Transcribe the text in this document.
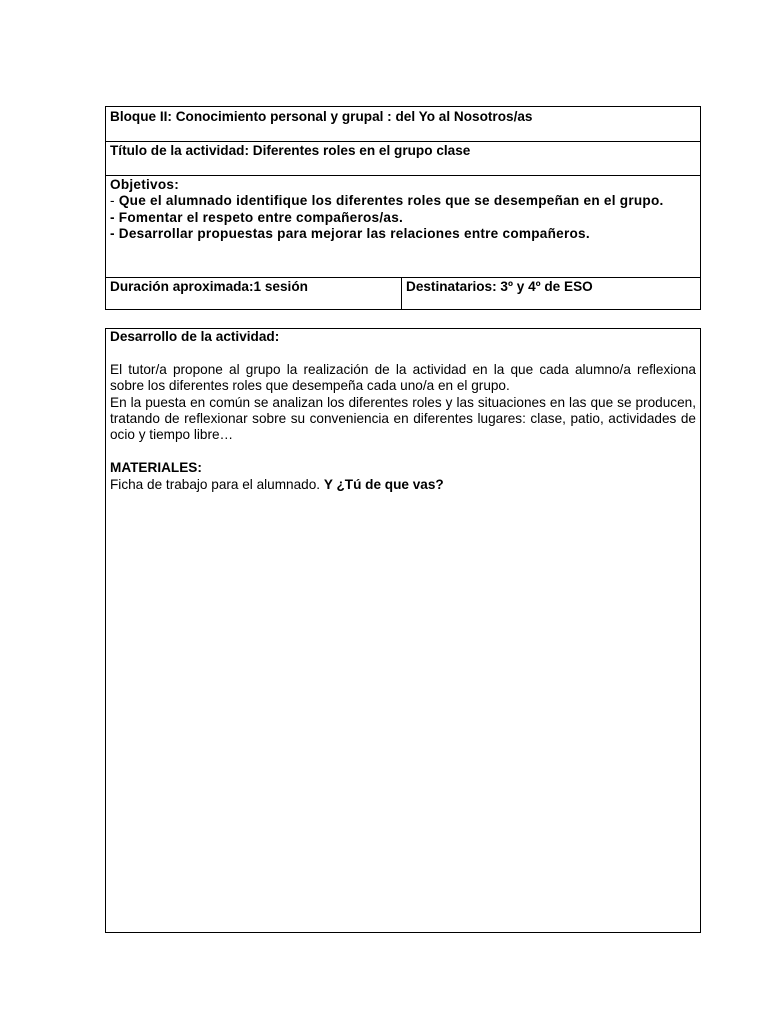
Bloque II: Conocimiento personal y grupal : del Yo al Nosotros/as
Título de la actividad: Diferentes roles en el grupo clase
Objetivos:
- Que el alumnado identifique los diferentes roles que se desempeñan en el grupo.
- Fomentar el respeto entre compañeros/as.
- Desarrollar propuestas para mejorar las relaciones entre compañeros.
Duración aproximada:1 sesión	Destinatarios: 3º y 4º de ESO
Desarrollo de la actividad:
El tutor/a propone al grupo la realización de la actividad en la que cada alumno/a reflexiona sobre los diferentes roles que desempeña cada uno/a en el grupo.
En la puesta en común se analizan los diferentes roles y las situaciones en las que se producen, tratando de reflexionar sobre su conveniencia en diferentes lugares: clase, patio, actividades de ocio y tiempo libre…
MATERIALES:
Ficha de trabajo para el alumnado. Y ¿Tú de que vas?
